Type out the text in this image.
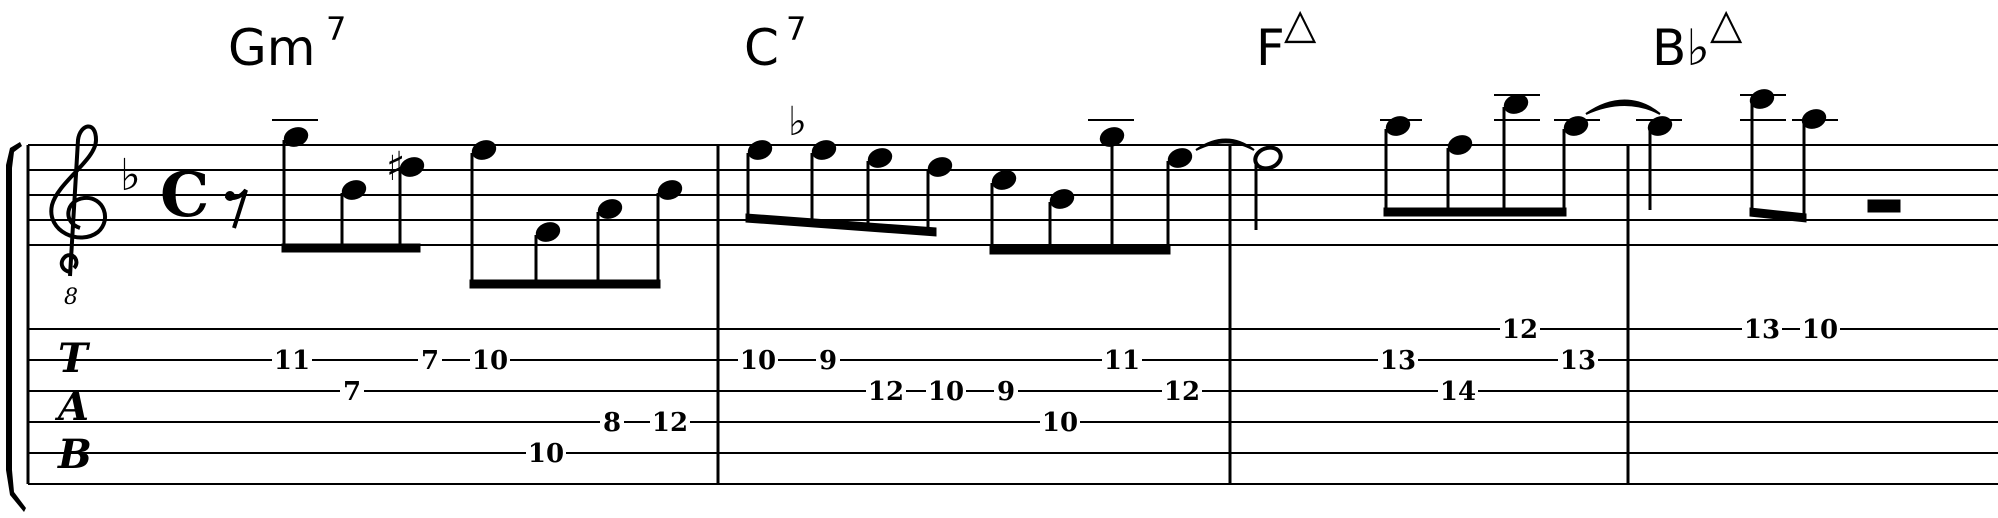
Gm 7	C 7	F △	B♭ △
8
♭ C
T
A
B
♯
♭
11
7
7 10
10
8 12
10 9
12 10 9
10
11
12
13
14
12
13
13 10
